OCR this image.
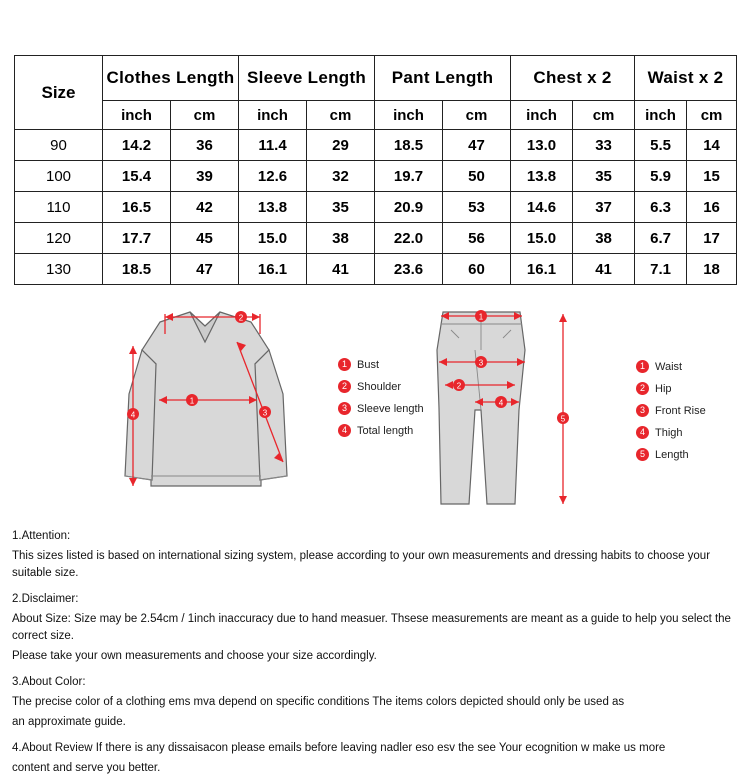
Size	Clothes Length		Sleeve Length		Pant Length		Chest x 2		Waist x 2	
	inch	cm	inch	cm	inch	cm	inch	cm	inch	cm
90	14.2	36	11.4	29	18.5	47	13.0	33	5.5	14
100	15.4	39	12.6	32	19.7	50	13.8	35	5.9	15
110	16.5	42	13.8	35	20.9	53	14.6	37	6.3	16
120	17.7	45	15.0	38	22.0	56	15.0	38	6.7	17
130	18.5	47	16.1	41	23.6	60	16.1	41	7.1	18
2
1
4	3
1 Bust
2 Shoulder
3 Sleeve length
4 Total length
1
3
2
4
5
1 Waist
2 Hip
3 Front Rise
4 Thigh
5 Length

1.Attention:

This sizes listed is based on international sizing system, please according to your own measurements and dressing habits to choose your suitable size.

2.Disclaimer:

About Size: Size may be 2.54cm / 1inch inaccuracy due to hand measuer. Thsese measurements are meant as a guide to help you select the correct size.

Please take your own measurements and choose your size accordingly.

3.About Color:

The precise color of a clothing ems mva depend on specific conditions The items colors depicted should only be used as

an approximate guide.

4.About Review If there is any dissaisacon please emails before leaving nadler eso esv the see Your ecognition w make us more

content and serve you better.
